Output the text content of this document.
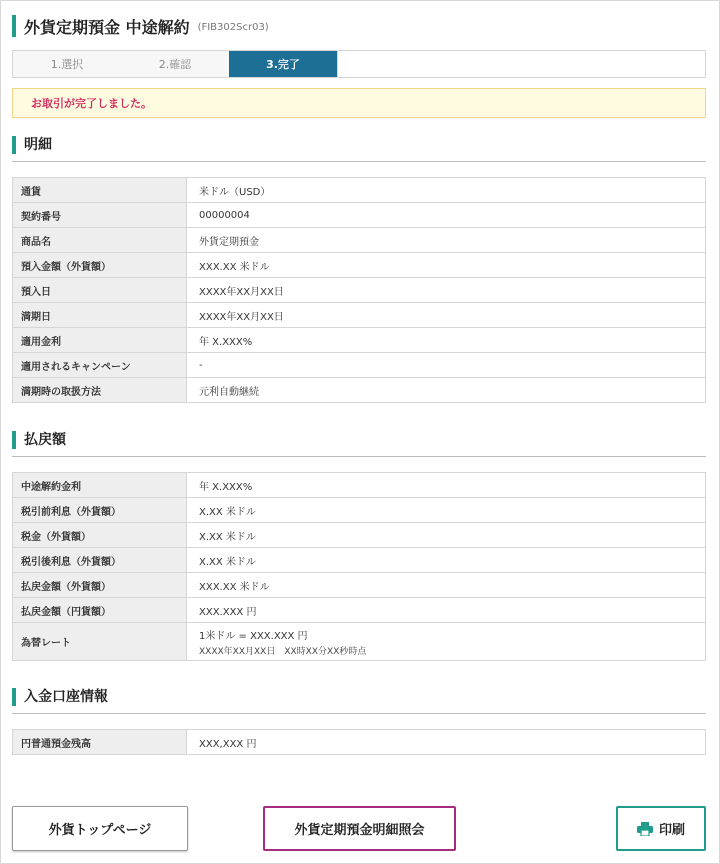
外貨定期預金 中途解約 (FIB302Scr03)
1.選択	2.確認	3.完了
お取引が完了しました。
明細
通貨	米ドル（USD）
契約番号	00000004
商品名	外貨定期預金
預入金額（外貨額）	XXX.XX 米ドル
預入日	XXXX年XX月XX日
満期日	XXXX年XX月XX日
適用金利	年 X.XXX%
適用されるキャンペーン	-
満期時の取扱方法	元利自動継続
払戻額
中途解約金利	年 X.XXX%
税引前利息（外貨額）	X.XX 米ドル
税金（外貨額）	X.XX 米ドル
税引後利息（外貨額）	X.XX 米ドル
払戻金額（外貨額）	XXX.XX 米ドル
払戻金額（円貨額）	XXX.XXX 円
為替レート	1米ドル = XXX.XXX 円
XXXX年XX月XX日　XX時XX分XX秒時点
入金口座情報
円普通預金残高	XXX,XXX 円
外貨トップページ	外貨定期預金明細照会	印刷
